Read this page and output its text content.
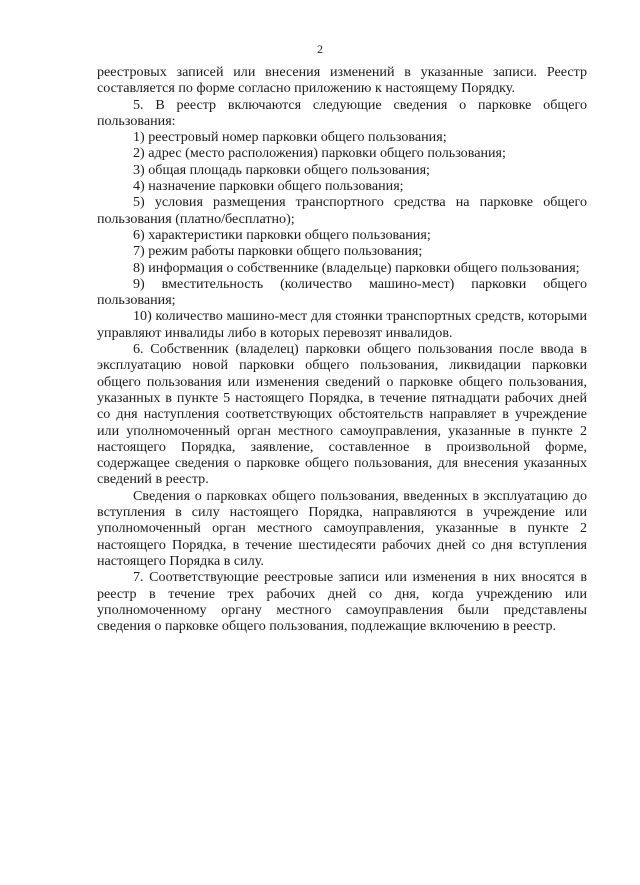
2

реестровых записей или внесения изменений в указанные записи. Реестр составляется по форме согласно приложению к настоящему Порядку.

5. В реестр включаются следующие сведения о парковке общего пользования:

1) реестровый номер парковки общего пользования;

2) адрес (место расположения) парковки общего пользования;

3) общая площадь парковки общего пользования;

4) назначение парковки общего пользования;

5) условия размещения транспортного средства на парковке общего пользования (платно/бесплатно);

6) характеристики парковки общего пользования;

7) режим работы парковки общего пользования;

8) информация о собственнике (владельце) парковки общего пользования;

9) вместительность (количество машино-мест) парковки общего пользования;

10) количество машино-мест для стоянки транспортных средств, которыми управляют инвалиды либо в которых перевозят инвалидов.

6. Собственник (владелец) парковки общего пользования после ввода в эксплуатацию новой парковки общего пользования, ликвидации парковки общего пользования или изменения сведений о парковке общего пользования, указанных в пункте 5 настоящего Порядка, в течение пятнадцати рабочих дней со дня наступления соответствующих обстоятельств направляет в учреждение или уполномоченный орган местного самоуправления, указанные в пункте 2 настоящего Порядка, заявление, составленное в произвольной форме, содержащее сведения о парковке общего пользования, для внесения указанных сведений в реестр.

Сведения о парковках общего пользования, введенных в эксплуатацию до вступления в силу настоящего Порядка, направляются в учреждение или уполномоченный орган местного самоуправления, указанные в пункте 2 настоящего Порядка, в течение шестидесяти рабочих дней со дня вступления настоящего Порядка в силу.

7. Соответствующие реестровые записи или изменения в них вносятся в реестр в течение трех рабочих дней со дня, когда учреждению или уполномоченному органу местного самоуправления были представлены сведения о парковке общего пользования, подлежащие включению в реестр.
